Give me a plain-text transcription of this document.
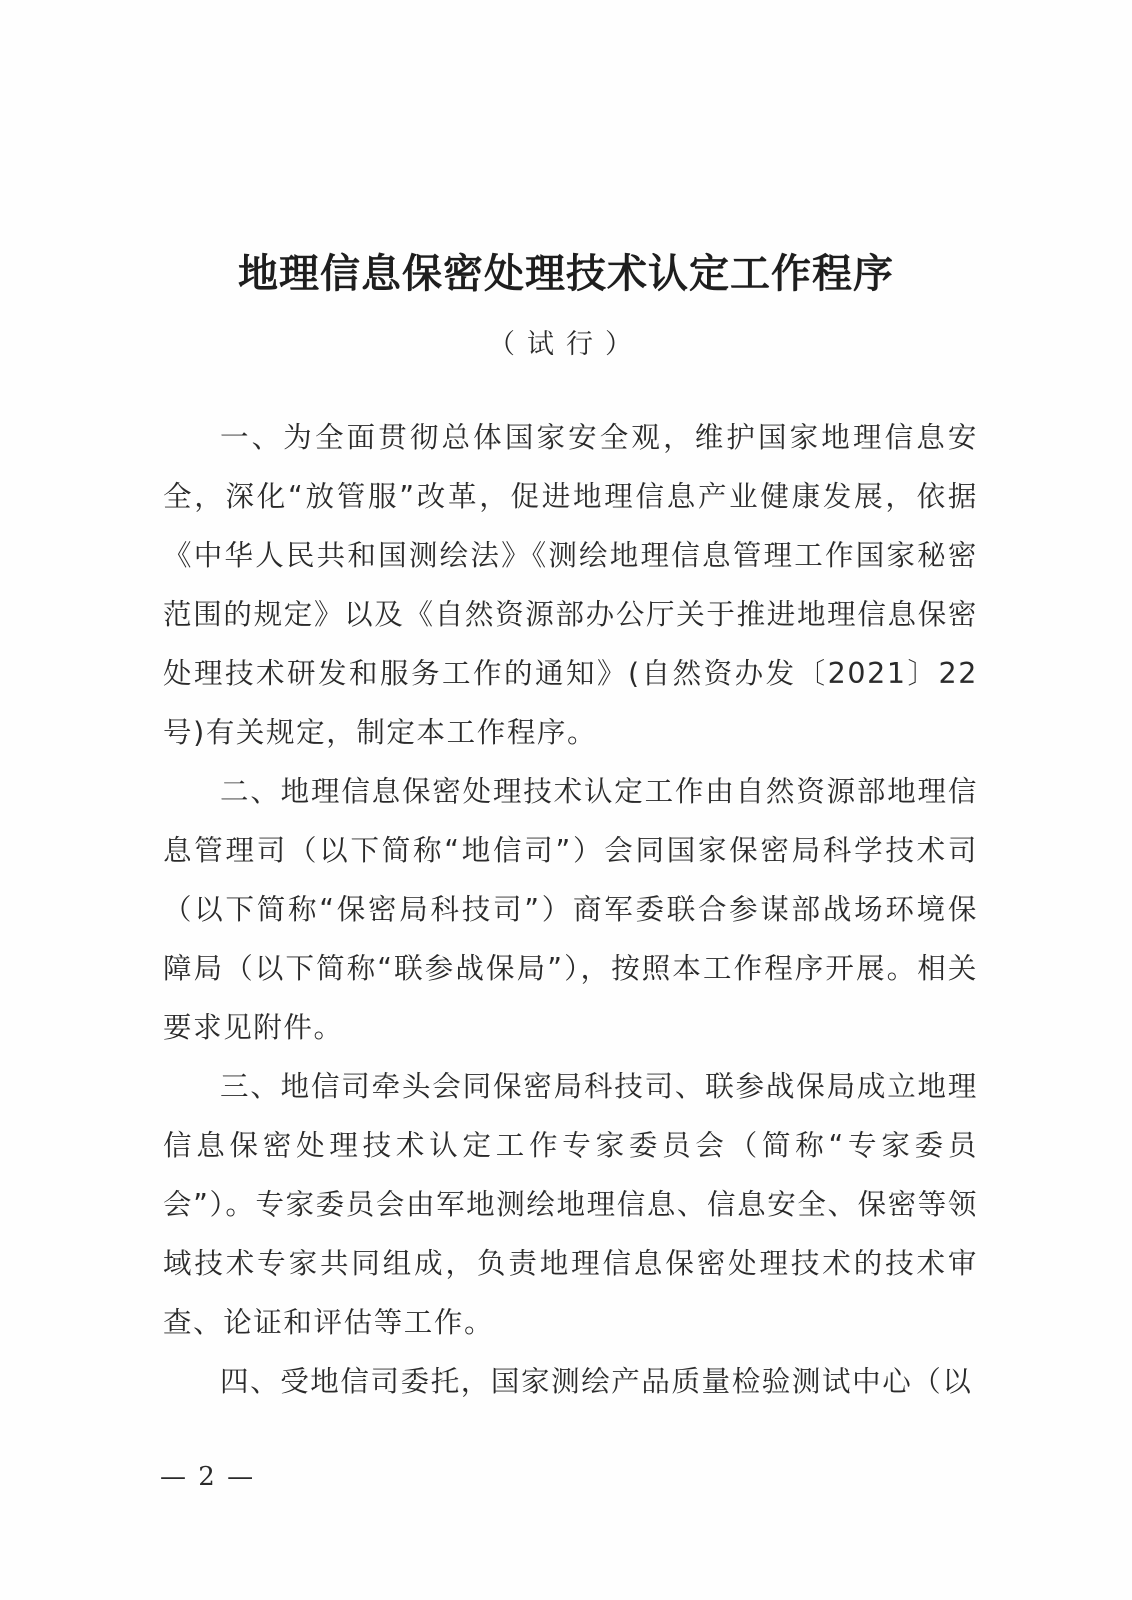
地理信息保密处理技术认定工作程序
（试行）

一、为全面贯彻总体国家安全观，维护国家地理信息安全，深化“放管服”改革，促进地理信息产业健康发展，依据《中华人民共和国测绘法》《测绘地理信息管理工作国家秘密范围的规定》以及《自然资源部办公厅关于推进地理信息保密处理技术研发和服务工作的通知》(自然资办发〔2021〕22号)有关规定，制定本工作程序。

二、地理信息保密处理技术认定工作由自然资源部地理信息管理司（以下简称“地信司”）会同国家保密局科学技术司（以下简称“保密局科技司”）商军委联合参谋部战场环境保障局（以下简称“联参战保局”），按照本工作程序开展。相关要求见附件。

三、地信司牵头会同保密局科技司、联参战保局成立地理信息保密处理技术认定工作专家委员会（简称“专家委员会”）。专家委员会由军地测绘地理信息、信息安全、保密等领域技术专家共同组成，负责地理信息保密处理技术的技术审查、论证和评估等工作。

四、受地信司委托，国家测绘产品质量检验测试中心（以

— 2 —
